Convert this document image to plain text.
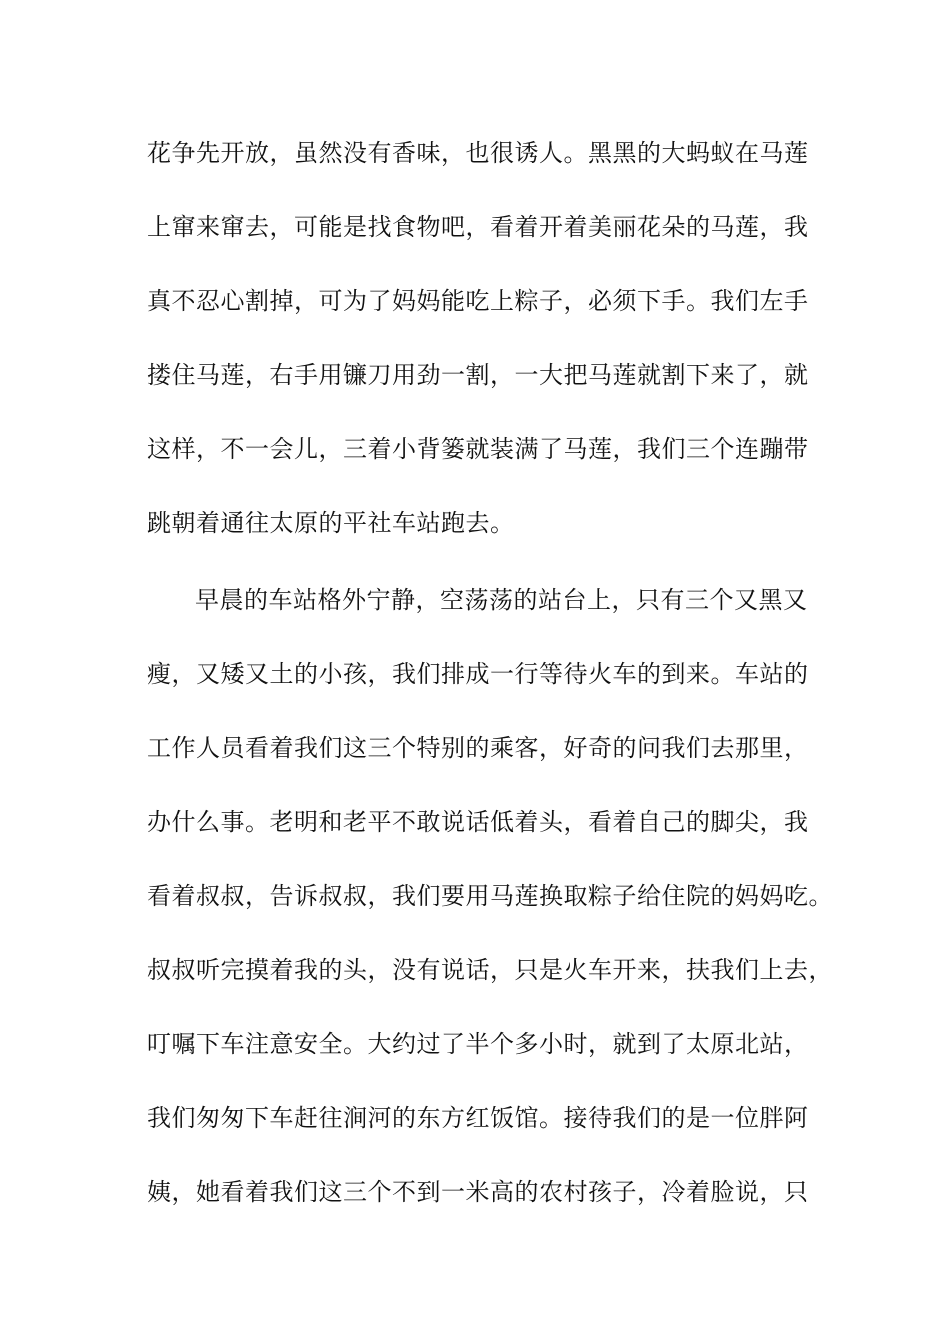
花争先开放，虽然没有香味，也很诱人。黑黑的大蚂蚁在马莲
上窜来窜去，可能是找食物吧，看着开着美丽花朵的马莲，我
真不忍心割掉，可为了妈妈能吃上粽子，必须下手。我们左手
搂住马莲，右手用镰刀用劲一割，一大把马莲就割下来了，就
这样，不一会儿，三着小背篓就装满了马莲，我们三个连蹦带
跳朝着通往太原的平社车站跑去。
早晨的车站格外宁静，空荡荡的站台上，只有三个又黑又
瘦，又矮又土的小孩，我们排成一行等待火车的到来。车站的
工作人员看着我们这三个特别的乘客，好奇的问我们去那里，
办什么事。老明和老平不敢说话低着头，看着自己的脚尖，我
看着叔叔，告诉叔叔，我们要用马莲换取粽子给住院的妈妈吃。
叔叔听完摸着我的头，没有说话，只是火车开来，扶我们上去，
叮嘱下车注意安全。大约过了半个多小时，就到了太原北站，
我们匆匆下车赶往涧河的东方红饭馆。接待我们的是一位胖阿
姨，她看着我们这三个不到一米高的农村孩子，冷着脸说，只
